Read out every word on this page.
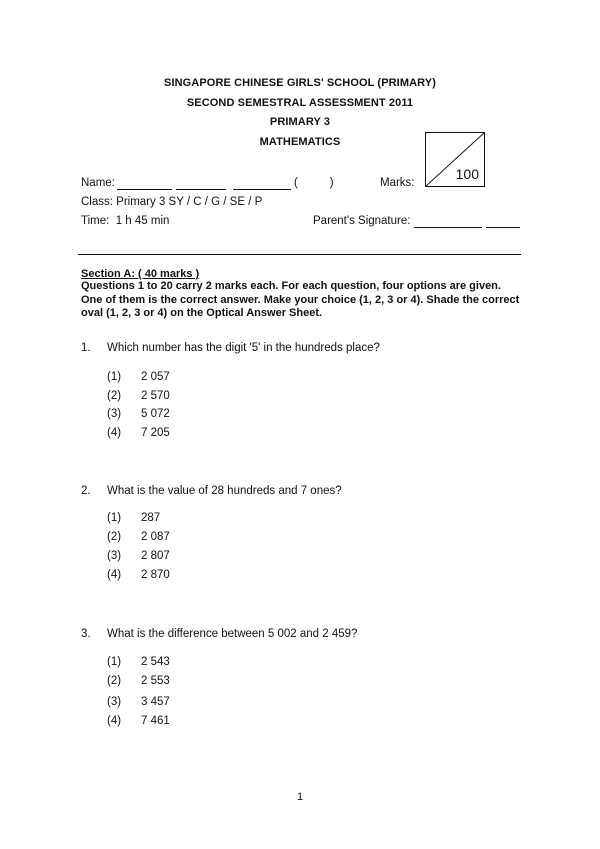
SINGAPORE CHINESE GIRLS' SCHOOL (PRIMARY)
SECOND SEMESTRAL ASSESSMENT 2011
PRIMARY 3
MATHEMATICS
100
Name:	(          )	Marks:
Class: Primary 3 SY / C / G / SE / P
Time:  1 h 45 min	Parent's Signature:
Section A: ( 40 marks )
Questions 1 to 20 carry 2 marks each. For each question, four options are given. One of them is the correct answer. Make your choice (1, 2, 3 or 4). Shade the correct oval (1, 2, 3 or 4) on the Optical Answer Sheet.
1. Which number has the digit '5' in the hundreds place?
(1) 2 057
(2) 2 570
(3) 5 072
(4) 7 205
2. What is the value of 28 hundreds and 7 ones?
(1) 287
(2) 2 087
(3) 2 807
(4) 2 870
3. What is the difference between 5 002 and 2 459?
(1) 2 543
(2) 2 553
(3) 3 457
(4) 7 461
1
